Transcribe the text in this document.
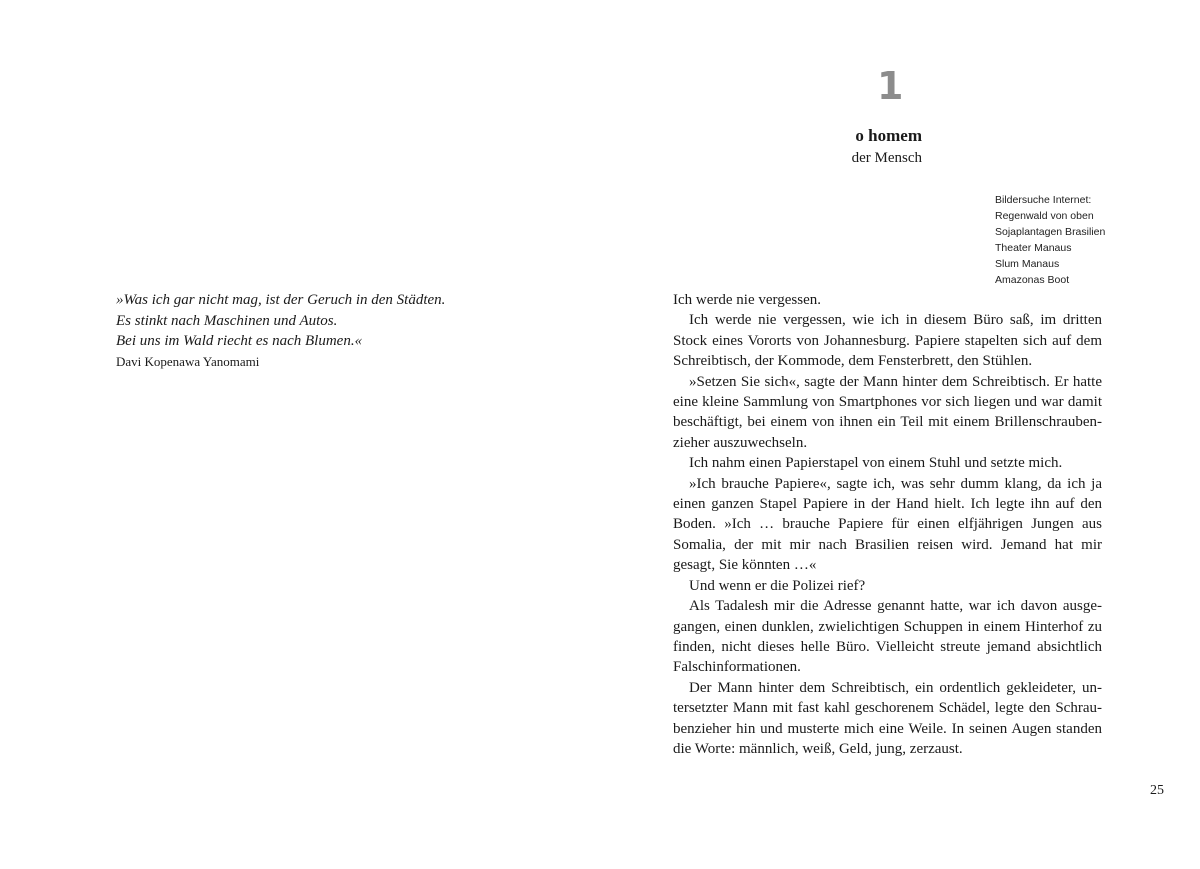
»Was ich gar nicht mag, ist der Geruch in den Städten.
Es stinkt nach Maschinen und Autos.
Bei uns im Wald riecht es nach Blumen.«
Davi Kopenawa Yanomami
1
o homem
der Mensch
Bildersuche Internet:
Regenwald von oben
Sojaplantagen Brasilien
Theater Manaus
Slum Manaus
Amazonas Boot

Ich werde nie vergessen.

Ich werde nie vergessen, wie ich in diesem Büro saß, im dritten Stock eines Vororts von Johannesburg. Papiere stapelten sich auf dem Schreibtisch, der Kommode, dem Fensterbrett, den Stühlen.

»Setzen Sie sich«, sagte der Mann hinter dem Schreibtisch. Er hatte eine kleine Sammlung von Smartphones vor sich liegen und war damit beschäftigt, bei einem von ihnen ein Teil mit einem Brillenschraubenzieher auszuwechseln.

Ich nahm einen Papierstapel von einem Stuhl und setzte mich.

»Ich brauche Papiere«, sagte ich, was sehr dumm klang, da ich ja einen ganzen Stapel Papiere in der Hand hielt. Ich legte ihn auf den Boden. »Ich … brauche Papiere für einen elfjährigen Jungen aus Somalia, der mit mir nach Brasilien reisen wird. Jemand hat mir gesagt, Sie könnten …«

Und wenn er die Polizei rief?

Als Tadalesh mir die Adresse genannt hatte, war ich davon ausgegangen, einen dunklen, zwielichtigen Schuppen in einem Hinterhof zu finden, nicht dieses helle Büro. Vielleicht streute jemand absichtlich Falschinformationen.

Der Mann hinter dem Schreibtisch, ein ordentlich gekleideter, untersetzter Mann mit fast kahl geschorenem Schädel, legte den Schraubenzieher hin und musterte mich eine Weile. In seinen Augen standen die Worte: männlich, weiß, Geld, jung, zerzaust.

25
